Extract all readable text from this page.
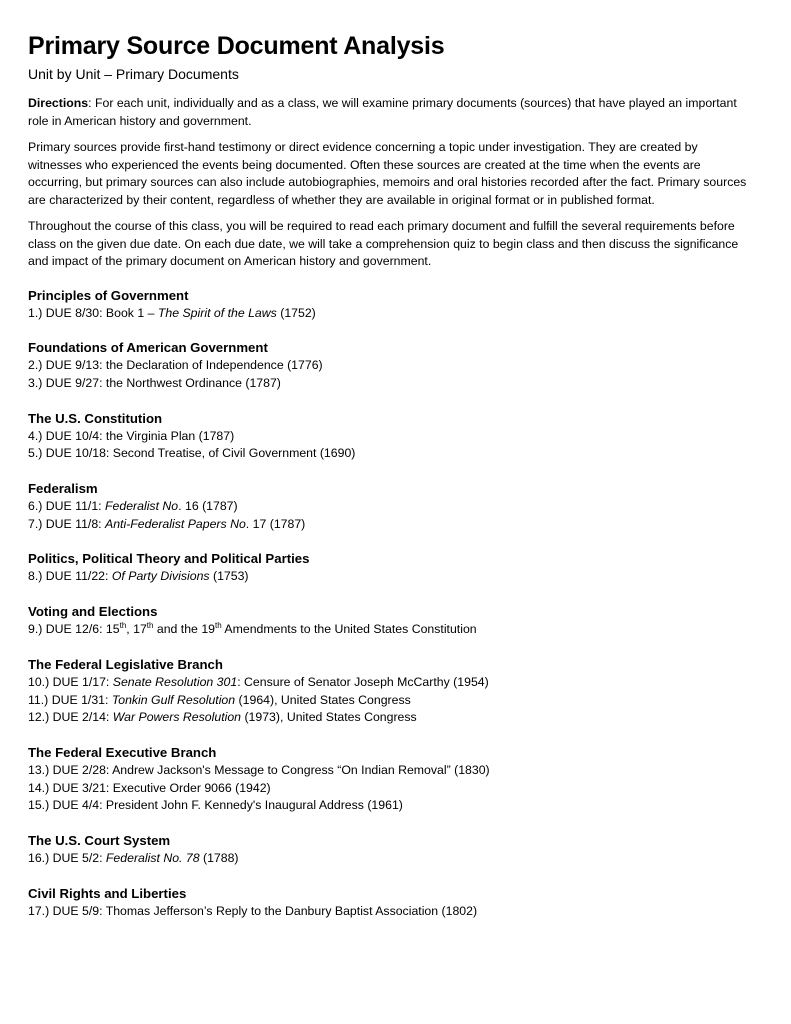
Primary Source Document Analysis
Unit by Unit – Primary Documents

Directions: For each unit, individually and as a class, we will examine primary documents (sources) that have played an important role in American history and government.

Primary sources provide first-hand testimony or direct evidence concerning a topic under investigation. They are created by witnesses who experienced the events being documented. Often these sources are created at the time when the events are occurring, but primary sources can also include autobiographies, memoirs and oral histories recorded after the fact. Primary sources are characterized by their content, regardless of whether they are available in original format or in published format.

Throughout the course of this class, you will be required to read each primary document and fulfill the several requirements before class on the given due date. On each due date, we will take a comprehension quiz to begin class and then discuss the significance and impact of the primary document on American history and government.

Principles of Government
1.) DUE 8/30: Book 1 – The Spirit of the Laws (1752)
Foundations of American Government
2.) DUE 9/13: the Declaration of Independence (1776)
3.) DUE 9/27: the Northwest Ordinance (1787)
The U.S. Constitution
4.) DUE 10/4: the Virginia Plan (1787)
5.) DUE 10/18: Second Treatise, of Civil Government (1690)
Federalism
6.) DUE 11/1: Federalist No. 16 (1787)
7.) DUE 11/8: Anti-Federalist Papers No. 17 (1787)
Politics, Political Theory and Political Parties
8.) DUE 11/22: Of Party Divisions (1753)
Voting and Elections
9.) DUE 12/6: 15th, 17th and the 19th Amendments to the United States Constitution
The Federal Legislative Branch
10.) DUE 1/17: Senate Resolution 301: Censure of Senator Joseph McCarthy (1954)
11.) DUE 1/31: Tonkin Gulf Resolution (1964), United States Congress
12.) DUE 2/14: War Powers Resolution (1973), United States Congress
The Federal Executive Branch
13.) DUE 2/28: Andrew Jackson's Message to Congress “On Indian Removal” (1830)
14.) DUE 3/21: Executive Order 9066 (1942)
15.) DUE 4/4: President John F. Kennedy's Inaugural Address (1961)
The U.S. Court System
16.) DUE 5/2: Federalist No. 78 (1788)
Civil Rights and Liberties
17.) DUE 5/9: Thomas Jefferson’s Reply to the Danbury Baptist Association (1802)
